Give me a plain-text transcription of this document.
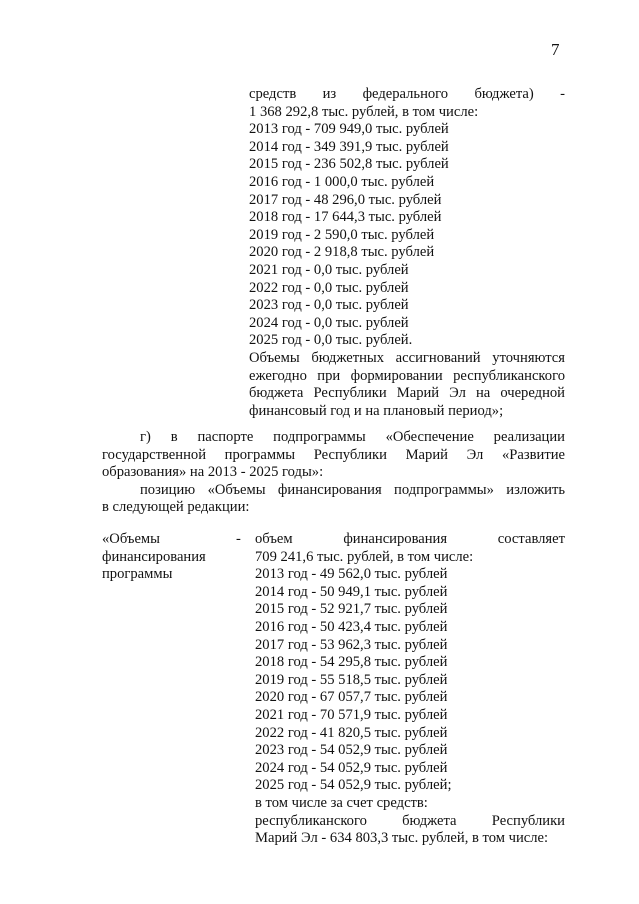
7
средств из федерального бюджета) -
1 368 292,8 тыс. рублей, в том числе:
2013 год - 709 949,0 тыс. рублей
2014 год - 349 391,9 тыс. рублей
2015 год - 236 502,8 тыс. рублей
2016 год - 1 000,0 тыс. рублей
2017 год - 48 296,0 тыс. рублей
2018 год - 17 644,3 тыс. рублей
2019 год - 2 590,0 тыс. рублей
2020 год - 2 918,8 тыс. рублей
2021 год - 0,0 тыс. рублей
2022 год - 0,0 тыс. рублей
2023 год - 0,0 тыс. рублей
2024 год - 0,0 тыс. рублей
2025 год - 0,0 тыс. рублей.
Объемы бюджетных ассигнований уточняются
ежегодно при формировании республиканского
бюджета Республики Марий Эл на очередной
финансовый год и на плановый период»;
г) в паспорте подпрограммы «Обеспечение реализации
государственной программы Республики Марий Эл «Развитие
образования» на 2013 - 2025 годы»:
позицию «Объемы финансирования подпрограммы» изложить
в следующей редакции:
«Объемы
финансирования
программы
- объем финансирования составляет
709 241,6 тыс. рублей, в том числе:
2013 год - 49 562,0 тыс. рублей
2014 год - 50 949,1 тыс. рублей
2015 год - 52 921,7 тыс. рублей
2016 год - 50 423,4 тыс. рублей
2017 год - 53 962,3 тыс. рублей
2018 год - 54 295,8 тыс. рублей
2019 год - 55 518,5 тыс. рублей
2020 год - 67 057,7 тыс. рублей
2021 год - 70 571,9 тыс. рублей
2022 год - 41 820,5 тыс. рублей
2023 год - 54 052,9 тыс. рублей
2024 год - 54 052,9 тыс. рублей
2025 год - 54 052,9 тыс. рублей;
в том числе за счет средств:
республиканского бюджета Республики
Марий Эл - 634 803,3 тыс. рублей, в том числе:
